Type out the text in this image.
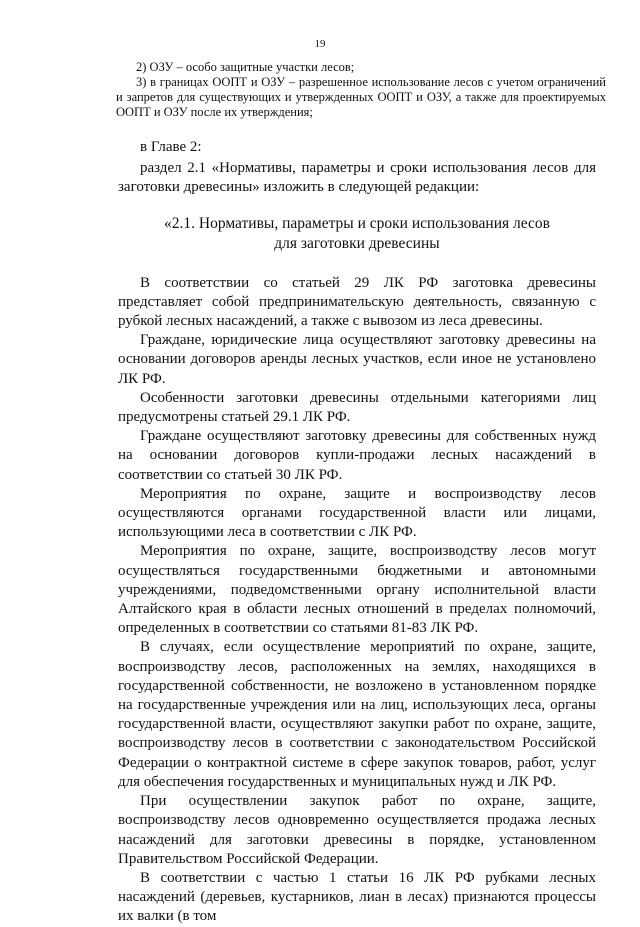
19

2) ОЗУ – особо защитные участки лесов;

3) в границах ООПТ и ОЗУ – разрешенное использование лесов с учетом ограничений и запретов для существующих и утвержденных ООПТ и ОЗУ, а также для проектируемых ООПТ и ОЗУ после их утверждения;

в Главе 2:

раздел 2.1 «Нормативы, параметры и сроки использования лесов для заготовки древесины» изложить в следующей редакции:

«2.1. Нормативы, параметры и сроки использования лесов
для заготовки древесины

В соответствии со статьей 29 ЛК РФ заготовка древесины представляет собой предпринимательскую деятельность, связанную с рубкой лесных насаждений, а также с вывозом из леса древесины.

Граждане, юридические лица осуществляют заготовку древесины на основании договоров аренды лесных участков, если иное не установлено ЛК РФ.

Особенности заготовки древесины отдельными категориями лиц предусмотрены статьей 29.1 ЛК РФ.

Граждане осуществляют заготовку древесины для собственных нужд на основании договоров купли-продажи лесных насаждений в соответствии со статьей 30 ЛК РФ.

Мероприятия по охране, защите и воспроизводству лесов осуществляются органами государственной власти или лицами, использующими леса в соответствии с ЛК РФ.

Мероприятия по охране, защите, воспроизводству лесов могут осуществляться государственными бюджетными и автономными учреждениями, подведомственными органу исполнительной власти Алтайского края в области лесных отношений в пределах полномочий, определенных в соответствии со статьями 81-83 ЛК РФ.

В случаях, если осуществление мероприятий по охране, защите, воспроизводству лесов, расположенных на землях, находящихся в государственной собственности, не возложено в установленном порядке на государственные учреждения или на лиц, использующих леса, органы государственной власти, осуществляют закупки работ по охране, защите, воспроизводству лесов в соответствии с законодательством Российской Федерации о контрактной системе в сфере закупок товаров, работ, услуг для обеспечения государственных и муниципальных нужд и ЛК РФ.

При осуществлении закупок работ по охране, защите, воспроизводству лесов одновременно осуществляется продажа лесных насаждений для заготовки древесины в порядке, установленном Правительством Российской Федерации.

В соответствии с частью 1 статьи 16 ЛК РФ рубками лесных насаждений (деревьев, кустарников, лиан в лесах) признаются процессы их валки (в том
